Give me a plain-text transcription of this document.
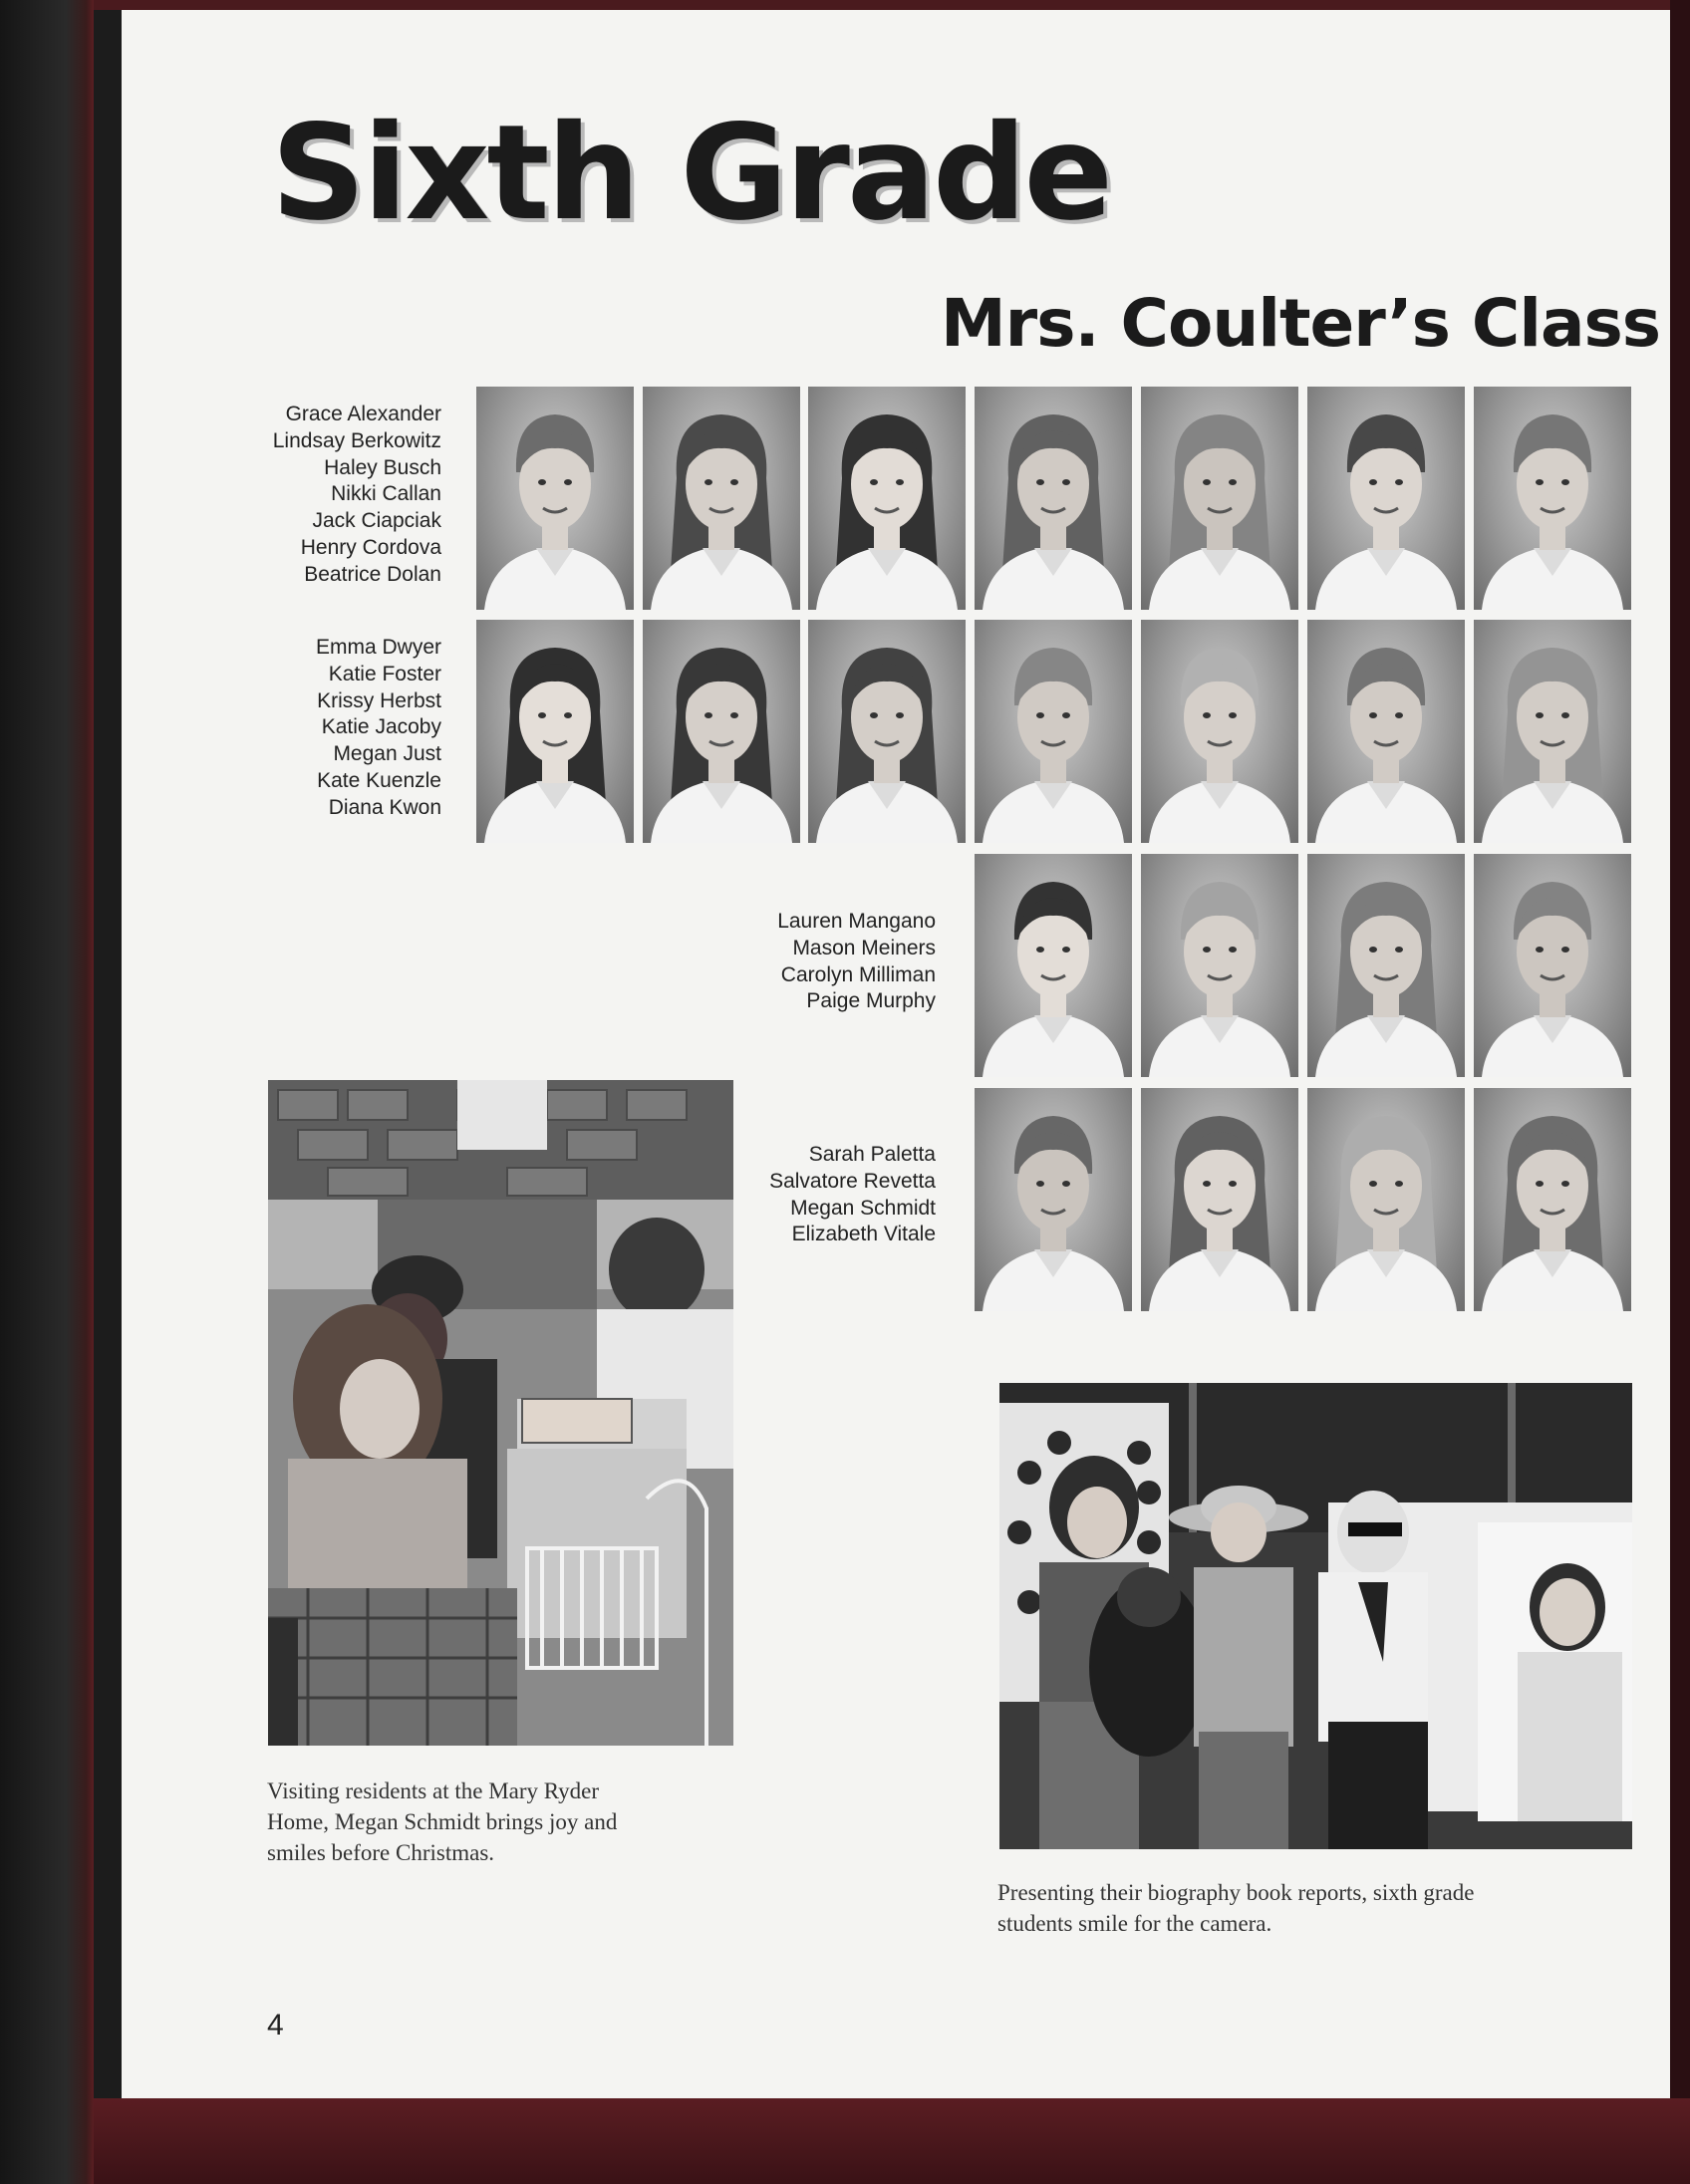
Sixth Grade
Mrs. Coulter’s Class
Grace Alexander
Lindsay Berkowitz
Haley Busch
Nikki Callan
Jack Ciapciak
Henry Cordova
Beatrice Dolan
Emma Dwyer
Katie Foster
Krissy Herbst
Katie Jacoby
Megan Just
Kate Kuenzle
Diana Kwon
Lauren Mangano
Mason Meiners
Carolyn Milliman
Paige Murphy
Sarah Paletta
Salvatore Revetta
Megan Schmidt
Elizabeth Vitale
Visiting residents at the Mary Ryder
Home, Megan Schmidt brings joy and
smiles before Christmas.
Presenting their biography book reports, sixth grade
students smile for the camera.
4
